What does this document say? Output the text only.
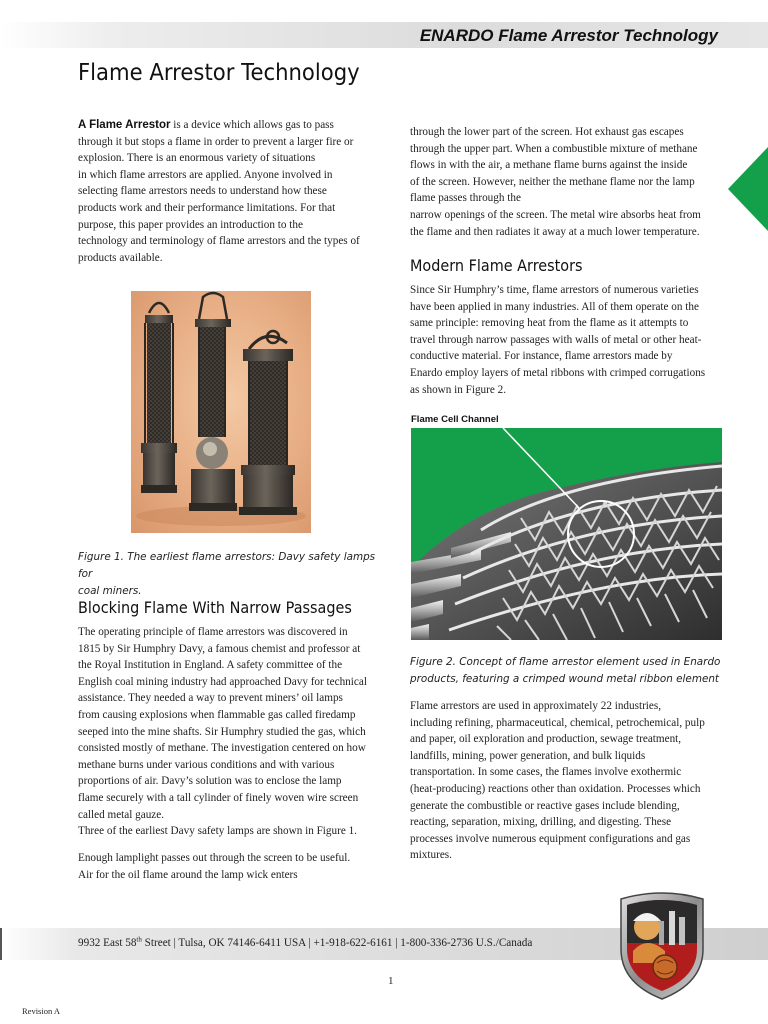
ENARDO Flame Arrestor Technology
Flame Arrestor Technology

A Flame Arrestor is a device which allows gas to pass
through it but stops a flame in order to prevent a larger fire or
explosion. There is an enormous variety of situations
in which flame arrestors are applied. Anyone involved in
selecting flame arrestors needs to understand how these
products work and their performance limitations. For that
purpose, this paper provides an introduction to the
technology and terminology of flame arrestors and the types of
products available.

Figure 1. The earliest flame arrestors: Davy safety lamps for
coal miners.

Blocking Flame With Narrow Passages

The operating principle of flame arrestors was discovered in
1815 by Sir Humphry Davy, a famous chemist and professor at
the Royal Institution in England. A safety committee of the
English coal mining industry had approached Davy for technical
assistance. They needed a way to prevent miners’ oil lamps
from causing explosions when flammable gas called firedamp
seeped into the mine shafts. Sir Humphry studied the gas, which
consisted mostly of methane. The investigation centered on how
methane burns under various conditions and with various
proportions of air. Davy’s solution was to enclose the lamp
flame securely with a tall cylinder of finely woven wire screen
called metal gauze.
Three of the earliest Davy safety lamps are shown in Figure 1.

Enough lamplight passes out through the screen to be useful.
Air for the oil flame around the lamp wick enters

through the lower part of the screen. Hot exhaust gas escapes
through the upper part. When a combustible mixture of methane
flows in with the air, a methane flame burns against the inside
of the screen. However, neither the methane flame nor the lamp
flame passes through the
narrow openings of the screen. The metal wire absorbs heat from
the flame and then radiates it away at a much lower temperature.

Modern Flame Arrestors

Since Sir Humphry’s time, flame arrestors of numerous varieties
have been applied in many industries. All of them operate on the
same principle: removing heat from the flame as it attempts to
travel through narrow passages with walls of metal or other heat-
conductive material. For instance, flame arrestors made by
Enardo employ layers of metal ribbons with crimped corrugations
as shown in Figure 2.

Flame Cell Channel

Figure 2. Concept of flame arrestor element used in Enardo
products, featuring a crimped wound metal ribbon element

Flame arrestors are used in approximately 22 industries,
including refining, pharmaceutical, chemical, petrochemical, pulp
and paper, oil exploration and production, sewage treatment,
landfills, mining, power generation, and bulk liquids
transportation. In some cases, the flames involve exothermic
(heat-producing) reactions other than oxidation. Processes which
generate the combustible or reactive gases include blending,
reacting, separation, mixing, drilling, and digesting. These
processes involve numerous equipment configurations and gas
mixtures.

9932 East 58th Street | Tulsa, OK 74146-6411 USA | +1-918-622-6161 | 1-800-336-2736 U.S./Canada
1
Revision A
